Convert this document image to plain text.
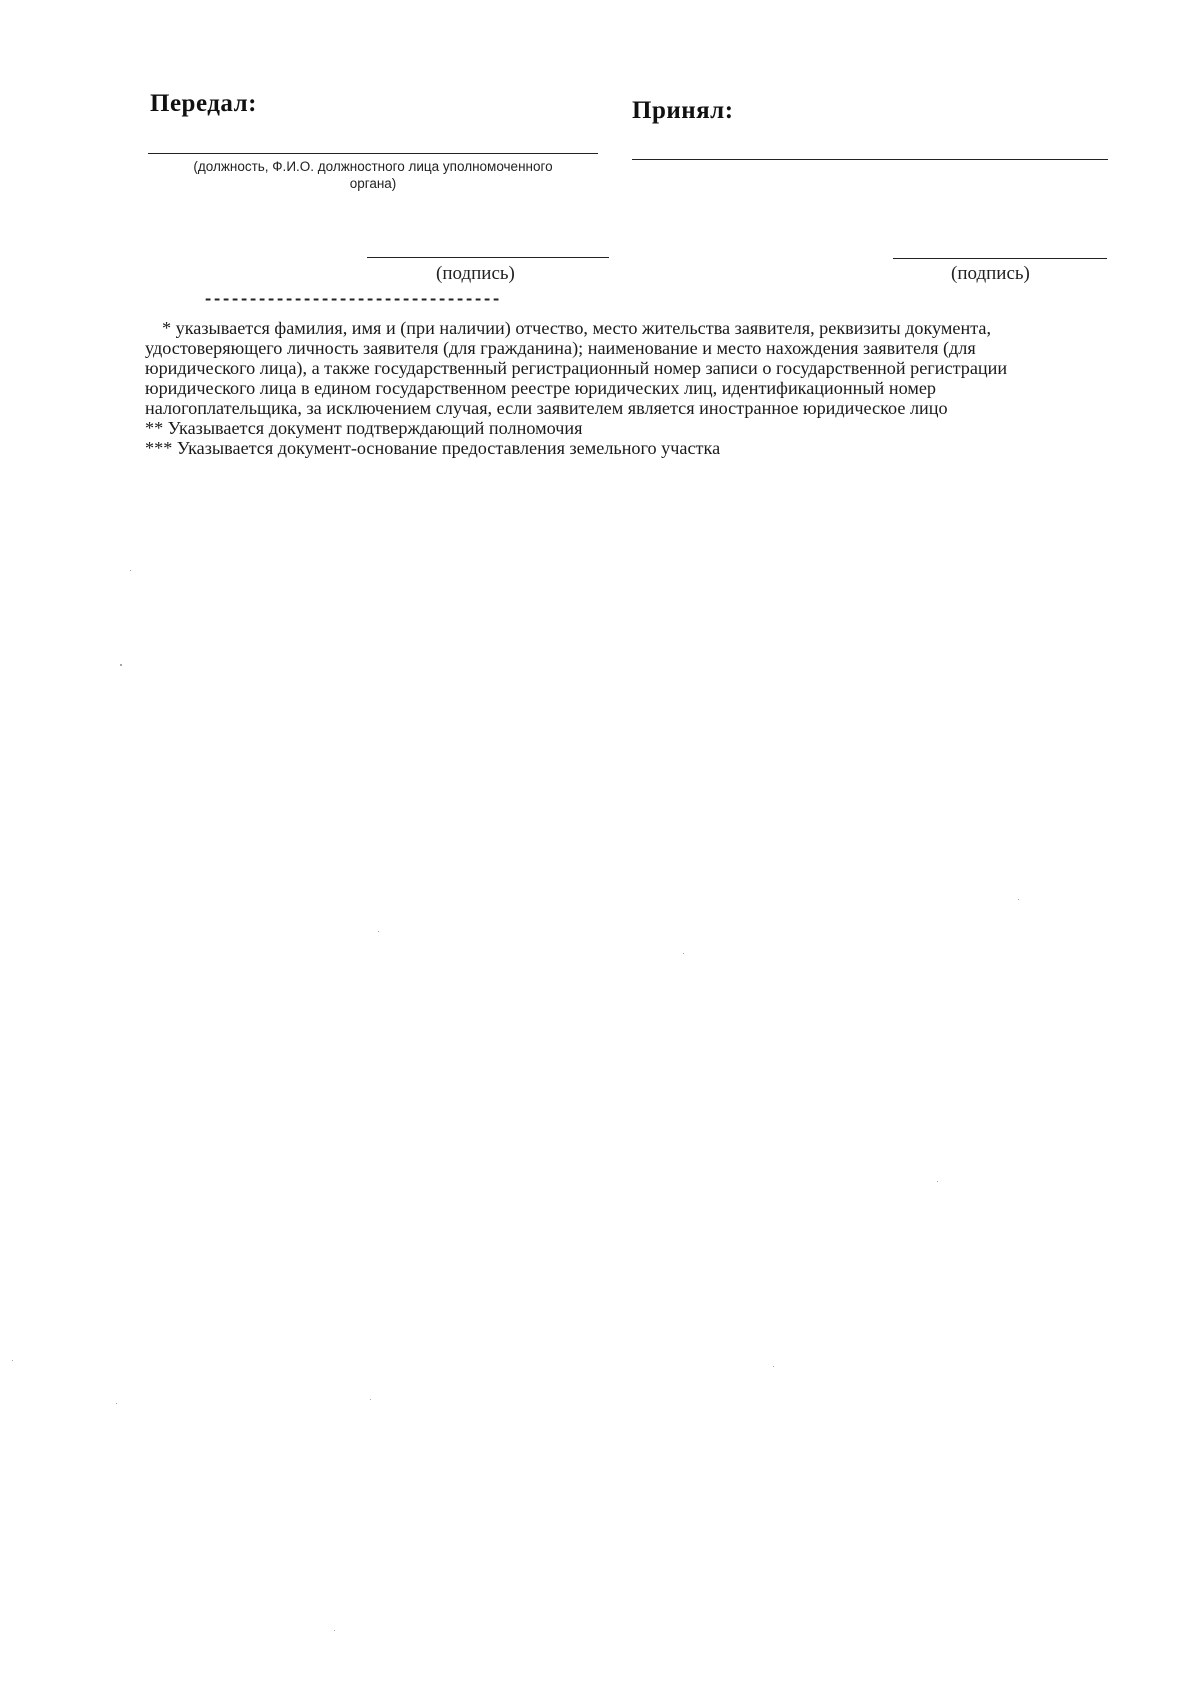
Передал:
(должность, Ф.И.О. должностного лица уполномоченного
органа)
(подпись)
Принял:
(подпись)
---------------------------------

* указывается фамилия, имя и (при наличии) отчество, место жительства заявителя, реквизиты документа,

удостоверяющего личность заявителя (для гражданина); наименование и место нахождения заявителя (для

юридического лица), а также государственный регистрационный номер записи о государственной регистрации

юридического лица в едином государственном реестре юридических лиц, идентификационный номер

налогоплательщика, за исключением случая, если заявителем является иностранное юридическое лицо

** Указывается документ подтверждающий полномочия

*** Указывается документ-основание предоставления земельного участка
